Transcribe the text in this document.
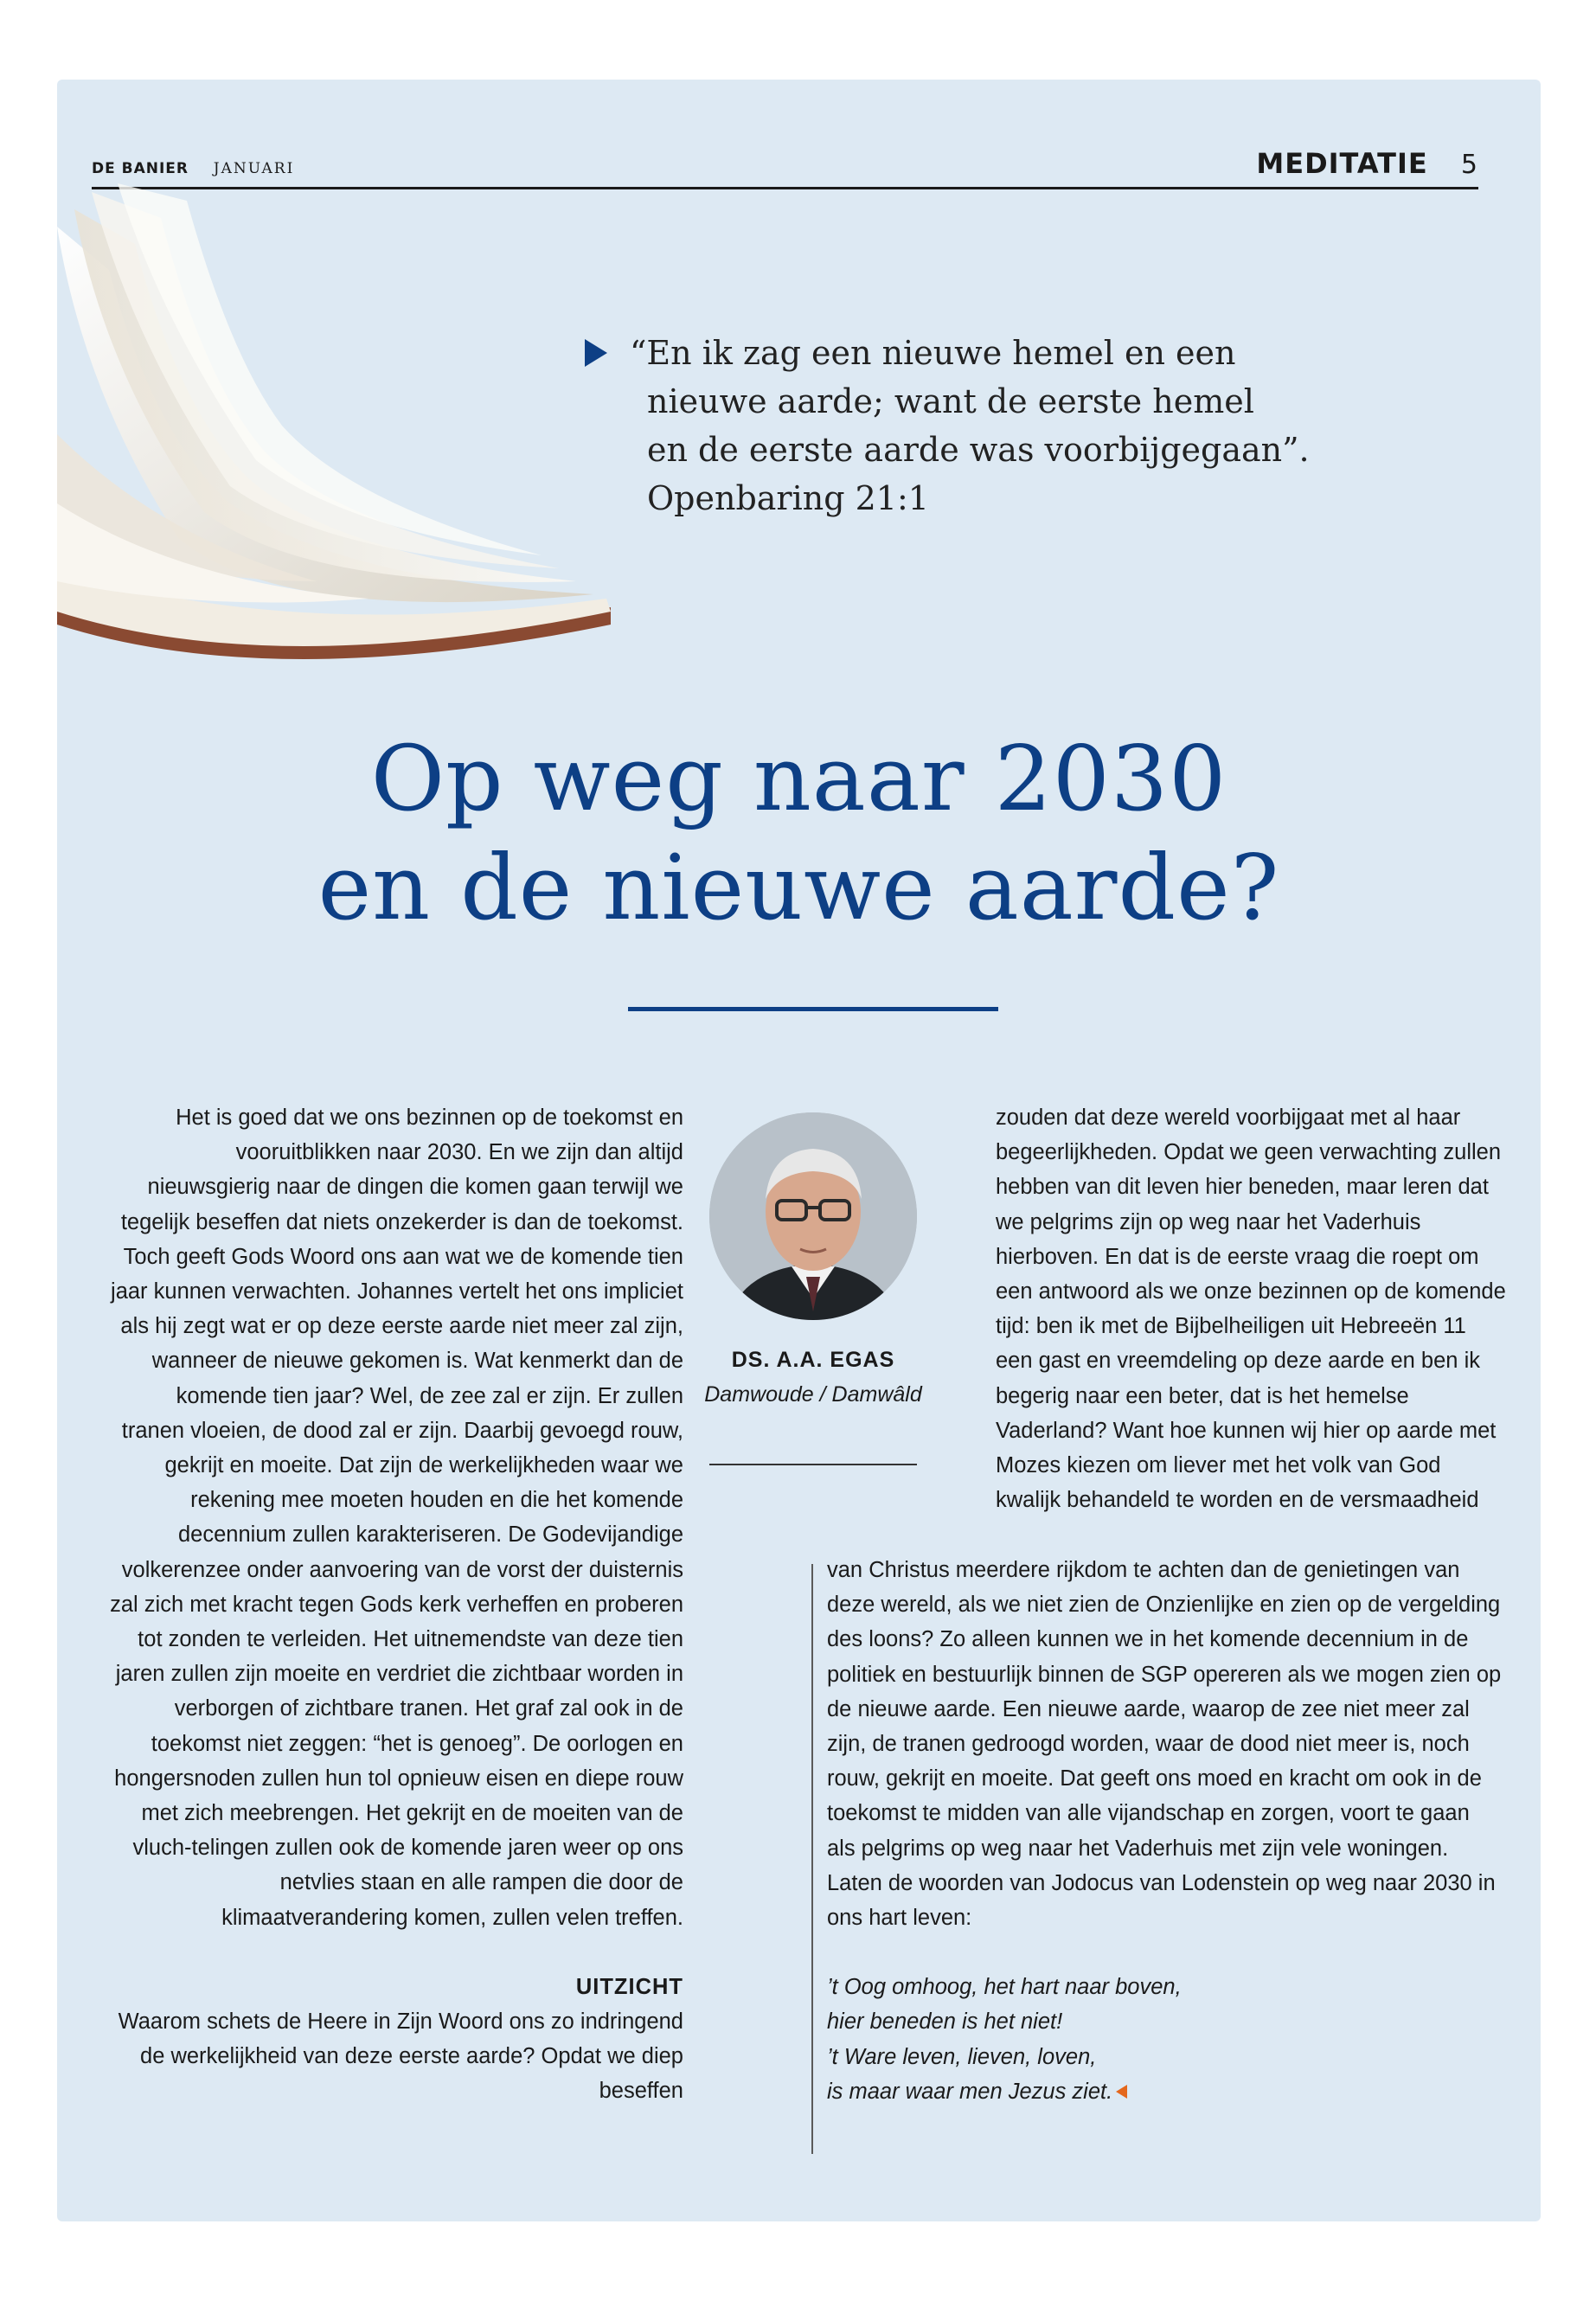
DE BANIER JANUARI	MEDITATIE 5
“En ik zag een nieuwe hemel en een
nieuwe aarde; want de eerste hemel
en de eerste aarde was voorbijgegaan”.
Openbaring 21:1
Op weg naar 2030
en de nieuwe aarde?
DS. A.A. EGAS
Damwoude / Damwâld

Het is goed dat we ons bezinnen op de toekomst en vooruitblikken naar 2030. En we zijn dan altijd nieuwsgierig naar de dingen die komen gaan terwijl we tegelijk beseffen dat niets onzekerder is dan de toekomst. Toch geeft Gods Woord ons aan wat we de komende tien jaar kunnen verwachten. Johannes vertelt het ons impliciet als hij zegt wat er op deze eerste aarde niet meer zal zijn, wanneer de nieuwe gekomen is. Wat kenmerkt dan de komende tien jaar? Wel, de zee zal er zijn. Er zullen tranen vloeien, de dood zal er zijn. Daarbij gevoegd rouw, gekrijt en moeite. Dat zijn de werkelijkheden waar we rekening mee moeten houden en die het komende decennium zullen karakteriseren. De Godevijandige volkerenzee onder aanvoering van de vorst der duisternis zal zich met kracht tegen Gods kerk verheffen en proberen tot zonden te verleiden. Het uitnemendste van deze tien jaren zullen zijn moeite en verdriet die zichtbaar worden in verborgen of zichtbare tranen. Het graf zal ook in de toekomst niet zeggen: “het is genoeg”. De oorlogen en hongersnoden zullen hun tol opnieuw eisen en diepe rouw met zich meebrengen. Het gekrijt en de moeiten van de vluch-telingen zullen ook de komende jaren weer op ons netvlies staan en alle rampen die door de klimaatverandering komen, zullen velen treffen.

UITZICHT

Waarom schets de Heere in Zijn Woord ons zo indringend de werkelijkheid van deze eerste aarde? Opdat we diep beseffen

zouden dat deze wereld voorbijgaat met al haar begeerlijkheden. Opdat we geen verwachting zullen hebben van dit leven hier beneden, maar leren dat we pelgrims zijn op weg naar het Vaderhuis hierboven. En dat is de eerste vraag die roept om een antwoord als we onze bezinnen op de komende tijd: ben ik met de Bijbelheiligen uit Hebreeën 11 een gast en vreemdeling op deze aarde en ben ik begerig naar een beter, dat is het hemelse Vaderland? Want hoe kunnen wij hier op aarde met Mozes kiezen om liever met het volk van God kwalijk behandeld te worden en de versmaadheid

van Christus meerdere rijkdom te achten dan de genietingen van deze wereld, als we niet zien de Onzienlijke en zien op de vergelding des loons? Zo alleen kunnen we in het komende decennium in de politiek en bestuurlijk binnen de SGP opereren als we mogen zien op de nieuwe aarde. Een nieuwe aarde, waarop de zee niet meer zal zijn, de tranen gedroogd worden, waar de dood niet meer is, noch rouw, gekrijt en moeite. Dat geeft ons moed en kracht om ook in de toekomst te midden van alle vijandschap en zorgen, voort te gaan als pelgrims op weg naar het Vaderhuis met zijn vele woningen. Laten de woorden van Jodocus van Lodenstein op weg naar 2030 in ons hart leven:

’t Oog omhoog, het hart naar boven,
hier beneden is het niet!
’t Ware leven, lieven, loven,
is maar waar men Jezus ziet.
